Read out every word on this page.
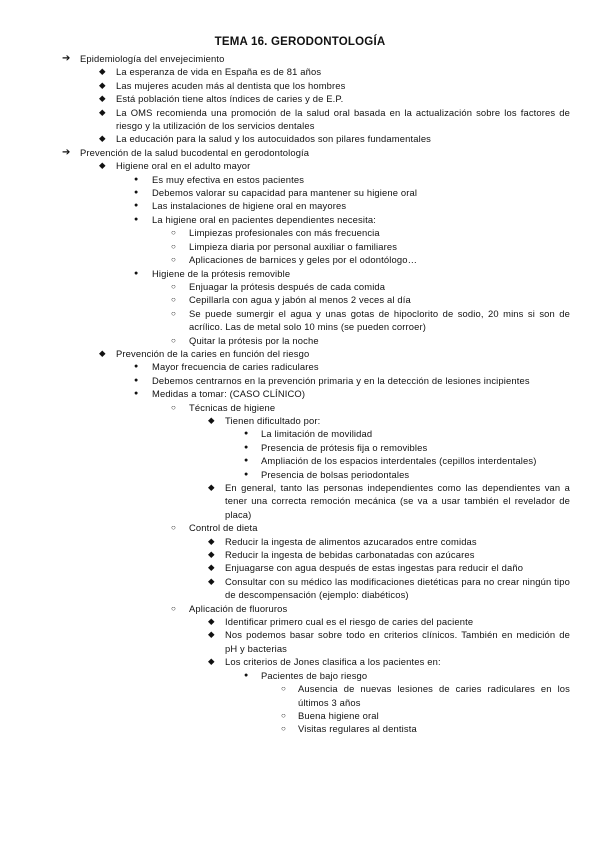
TEMA 16. GERODONTOLOGÍA
➔ Epidemiología del envejecimiento
◆ La esperanza de vida en España es de 81 años
◆ Las mujeres acuden más al dentista que los hombres
◆ Está población tiene altos índices de caries y de E.P.
◆ La OMS recomienda una promoción de la salud oral basada en la actualización sobre los factores de riesgo y la utilización de los servicios dentales
◆ La educación para la salud y los autocuidados son pilares fundamentales
➔ Prevención de la salud bucodental en gerodontología
◆ Higiene oral en el adulto mayor
● Es muy efectiva en estos pacientes
● Debemos valorar su capacidad para mantener su higiene oral
● Las instalaciones de higiene oral en mayores
● La higiene oral en pacientes dependientes necesita:
○ Limpiezas profesionales con más frecuencia
○ Limpieza diaria por personal auxiliar o familiares
○ Aplicaciones de barnices y geles por el odontólogo…
● Higiene de la prótesis removible
○ Enjuagar la prótesis después de cada comida
○ Cepillarla con agua y jabón al menos 2 veces al día
○ Se puede sumergir el agua y unas gotas de hipoclorito de sodio, 20 mins si son de acrílico. Las de metal solo 10 mins (se pueden corroer)
○ Quitar la prótesis por la noche
◆ Prevención de la caries en función del riesgo
● Mayor frecuencia de caries radiculares
● Debemos centrarnos en la prevención primaria y en la detección de lesiones incipientes
● Medidas a tomar: (CASO CLÍNICO)
○ Técnicas de higiene
◆ Tienen dificultado por:
● La limitación de movilidad
● Presencia de prótesis fija o removibles
● Ampliación de los espacios interdentales (cepillos interdentales)
● Presencia de bolsas periodontales
◆ En general, tanto las personas independientes como las dependientes van a tener una correcta remoción mecánica (se va a usar también el revelador de placa)
○ Control de dieta
◆ Reducir la ingesta de alimentos azucarados entre comidas
◆ Reducir la ingesta de bebidas carbonatadas con azúcares
◆ Enjuagarse con agua después de estas ingestas para reducir el daño
◆ Consultar con su médico las modificaciones dietéticas para no crear ningún tipo de descompensación (ejemplo: diabéticos)
○ Aplicación de fluoruros
◆ Identificar primero cual es el riesgo de caries del paciente
◆ Nos podemos basar sobre todo en criterios clínicos. También en medición de pH y bacterias
◆ Los criterios de Jones clasifica a los pacientes en:
● Pacientes de bajo riesgo
○ Ausencia de nuevas lesiones de caries radiculares en los últimos 3 años
○ Buena higiene oral
○ Visitas regulares al dentista
